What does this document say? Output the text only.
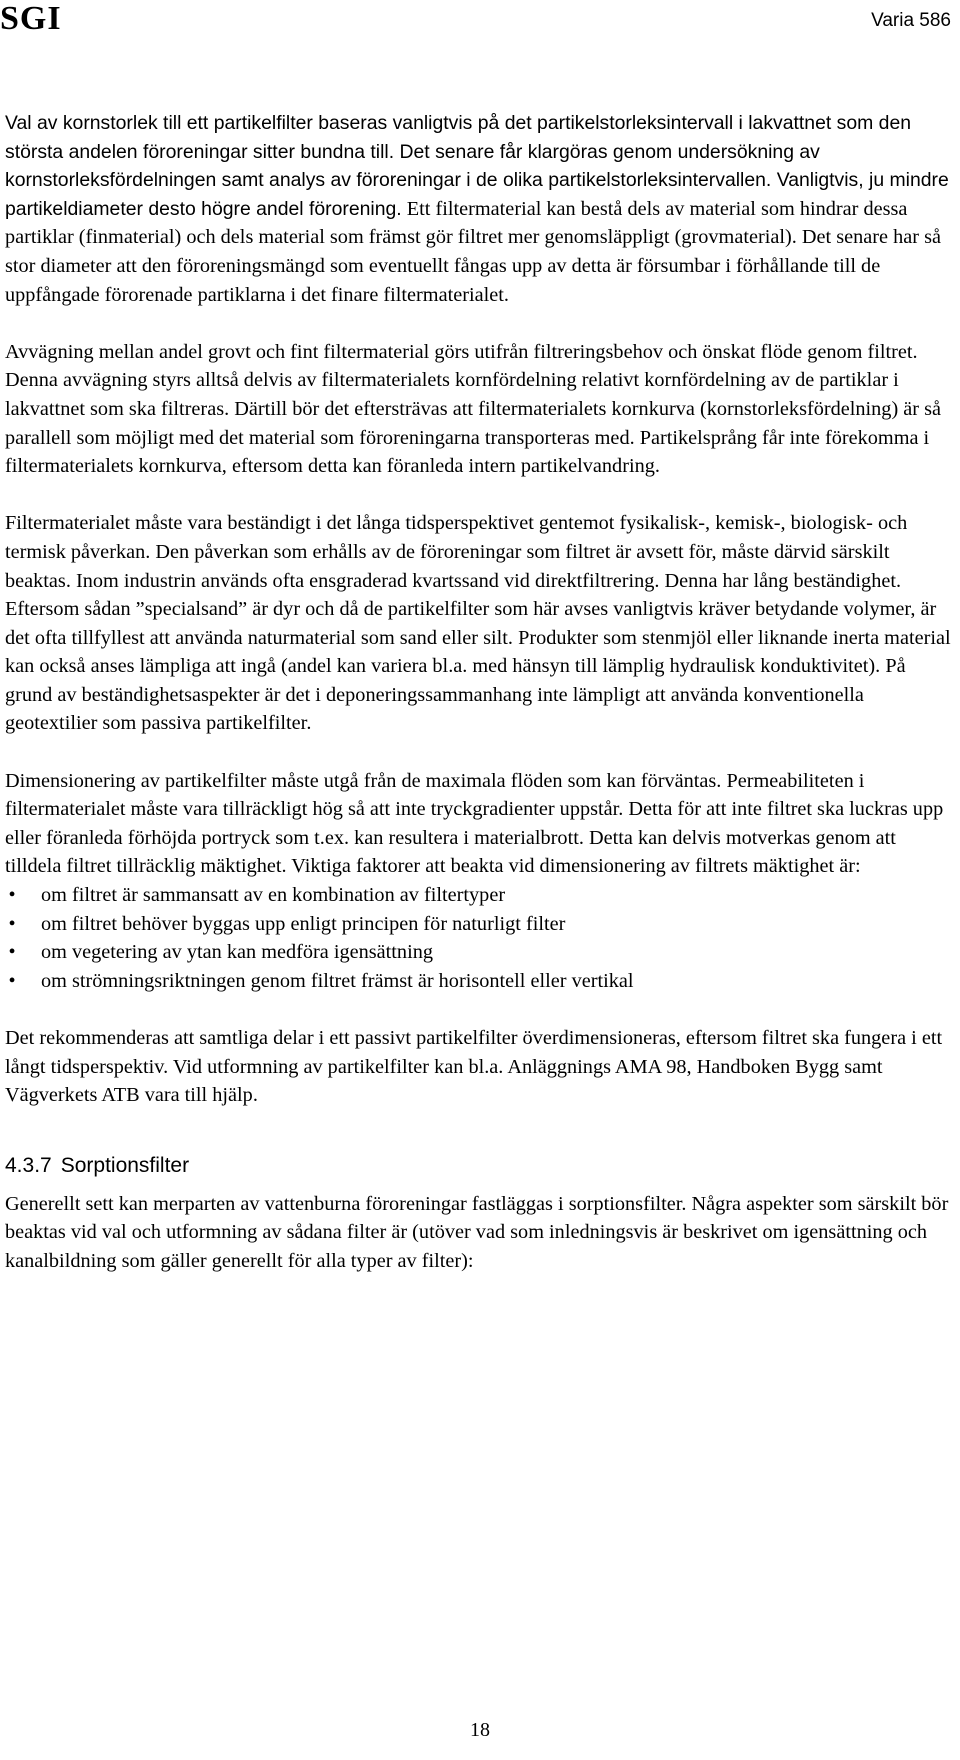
SGI	Varia 586

Val av kornstorlek till ett partikelfilter baseras vanligtvis på det partikelstorleksintervall i lakvattnet som den största andelen föroreningar sitter bundna till. Det senare får klargöras genom undersökning av kornstorleksfördelningen samt analys av föroreningar i de olika partikelstorleksintervallen. Vanligtvis, ju mindre partikeldiameter desto högre andel förorening. Ett filtermaterial kan bestå dels av material som hindrar dessa partiklar (finmaterial) och dels material som främst gör filtret mer genomsläppligt (grovmaterial). Det senare har så stor diameter att den föroreningsmängd som eventuellt fångas upp av detta är försumbar i förhållande till de uppfångade förorenade partiklarna i det finare filtermaterialet.

Avvägning mellan andel grovt och fint filtermaterial görs utifrån filtreringsbehov och önskat flöde genom filtret. Denna avvägning styrs alltså delvis av filtermaterialets kornfördelning relativt kornfördelning av de partiklar i lakvattnet som ska filtreras. Därtill bör det eftersträvas att filtermaterialets kornkurva (kornstorleksfördelning) är så parallell som möjligt med det material som föroreningarna transporteras med. Partikelsprång får inte förekomma i filtermaterialets kornkurva, eftersom detta kan föranleda intern partikelvandring.

Filtermaterialet måste vara beständigt i det långa tidsperspektivet gentemot fysikalisk-, kemisk-, biologisk- och termisk påverkan. Den påverkan som erhålls av de föroreningar som filtret är avsett för, måste därvid särskilt beaktas. Inom industrin används ofta ensgraderad kvartssand vid direktfiltrering. Denna har lång beständighet. Eftersom sådan ”specialsand” är dyr och då de partikelfilter som här avses vanligtvis kräver betydande volymer, är det ofta tillfyllest att använda naturmaterial som sand eller silt. Produkter som stenmjöl eller liknande inerta material kan också anses lämpliga att ingå (andel kan variera bl.a. med hänsyn till lämplig hydraulisk konduktivitet). På grund av beständighetsaspekter är det i deponeringssammanhang inte lämpligt att använda konventionella geotextilier som passiva partikelfilter.

Dimensionering av partikelfilter måste utgå från de maximala flöden som kan förväntas. Permeabiliteten i filtermaterialet måste vara tillräckligt hög så att inte tryckgradienter uppstår. Detta för att inte filtret ska luckras upp eller föranleda förhöjda portryck som t.ex. kan resultera i materialbrott. Detta kan delvis motverkas genom att tilldela filtret tillräcklig mäktighet. Viktiga faktorer att beakta vid dimensionering av filtrets mäktighet är:

• om filtret är sammansatt av en kombination av filtertyper
• om filtret behöver byggas upp enligt principen för naturligt filter
• om vegetering av ytan kan medföra igensättning
• om strömningsriktningen genom filtret främst är horisontell eller vertikal

Det rekommenderas att samtliga delar i ett passivt partikelfilter överdimensioneras, eftersom filtret ska fungera i ett långt tidsperspektiv. Vid utformning av partikelfilter kan bl.a. Anläggnings AMA 98, Handboken Bygg samt Vägverkets ATB vara till hjälp.

4.3.7 Sorptionsfilter

Generellt sett kan merparten av vattenburna föroreningar fastläggas i sorptionsfilter. Några aspekter som särskilt bör beaktas vid val och utformning av sådana filter är (utöver vad som inledningsvis är beskrivet om igensättning och kanalbildning som gäller generellt för alla typer av filter):

18
